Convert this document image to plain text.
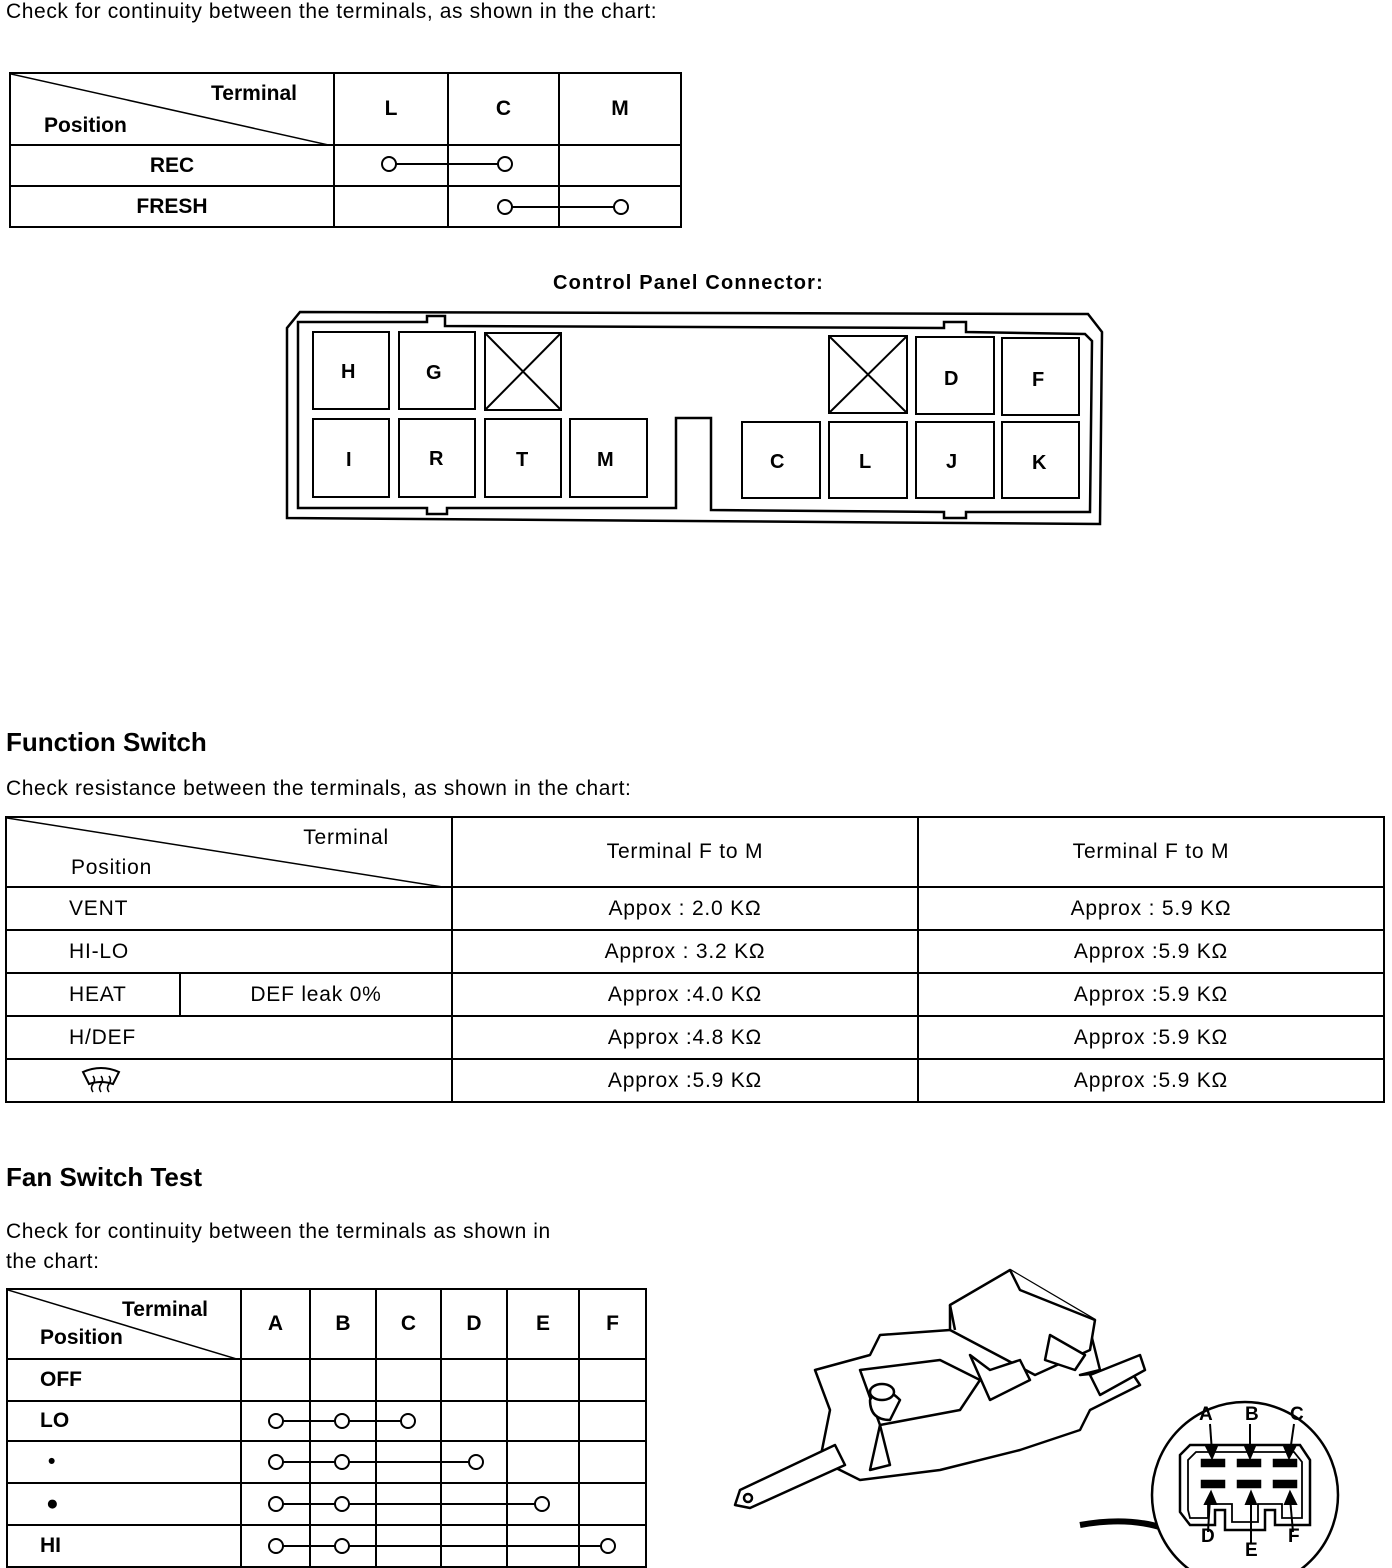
Check for continuity between the terminals, as shown in the chart:
Terminal
Position	L	C	M
REC			
FRESH			
Control Panel Connector:
H	G	D	F
I	R	T	M	C	L	J	K
Function Switch
Check resistance between the terminals, as shown in the chart:
Terminal
Position		Terminal F to M	Terminal F to M
VENT		Appox : 2.0 KΩ	Approx : 5.9 KΩ
HI-LO		Approx : 3.2 KΩ	Approx :5.9 KΩ
HEAT	DEF leak 0%	Approx :4.0 KΩ	Approx :5.9 KΩ
H/DEF		Approx :4.8 KΩ	Approx :5.9 KΩ
	Approx :5.9 KΩ	Approx :5.9 KΩ
Fan Switch Test
Check for continuity between the terminals as shown in
the chart:
Terminal
Position	A	B	C	D	E	F
OFF						
LO						
•						
●						
HI						
A B C
D
E
F
